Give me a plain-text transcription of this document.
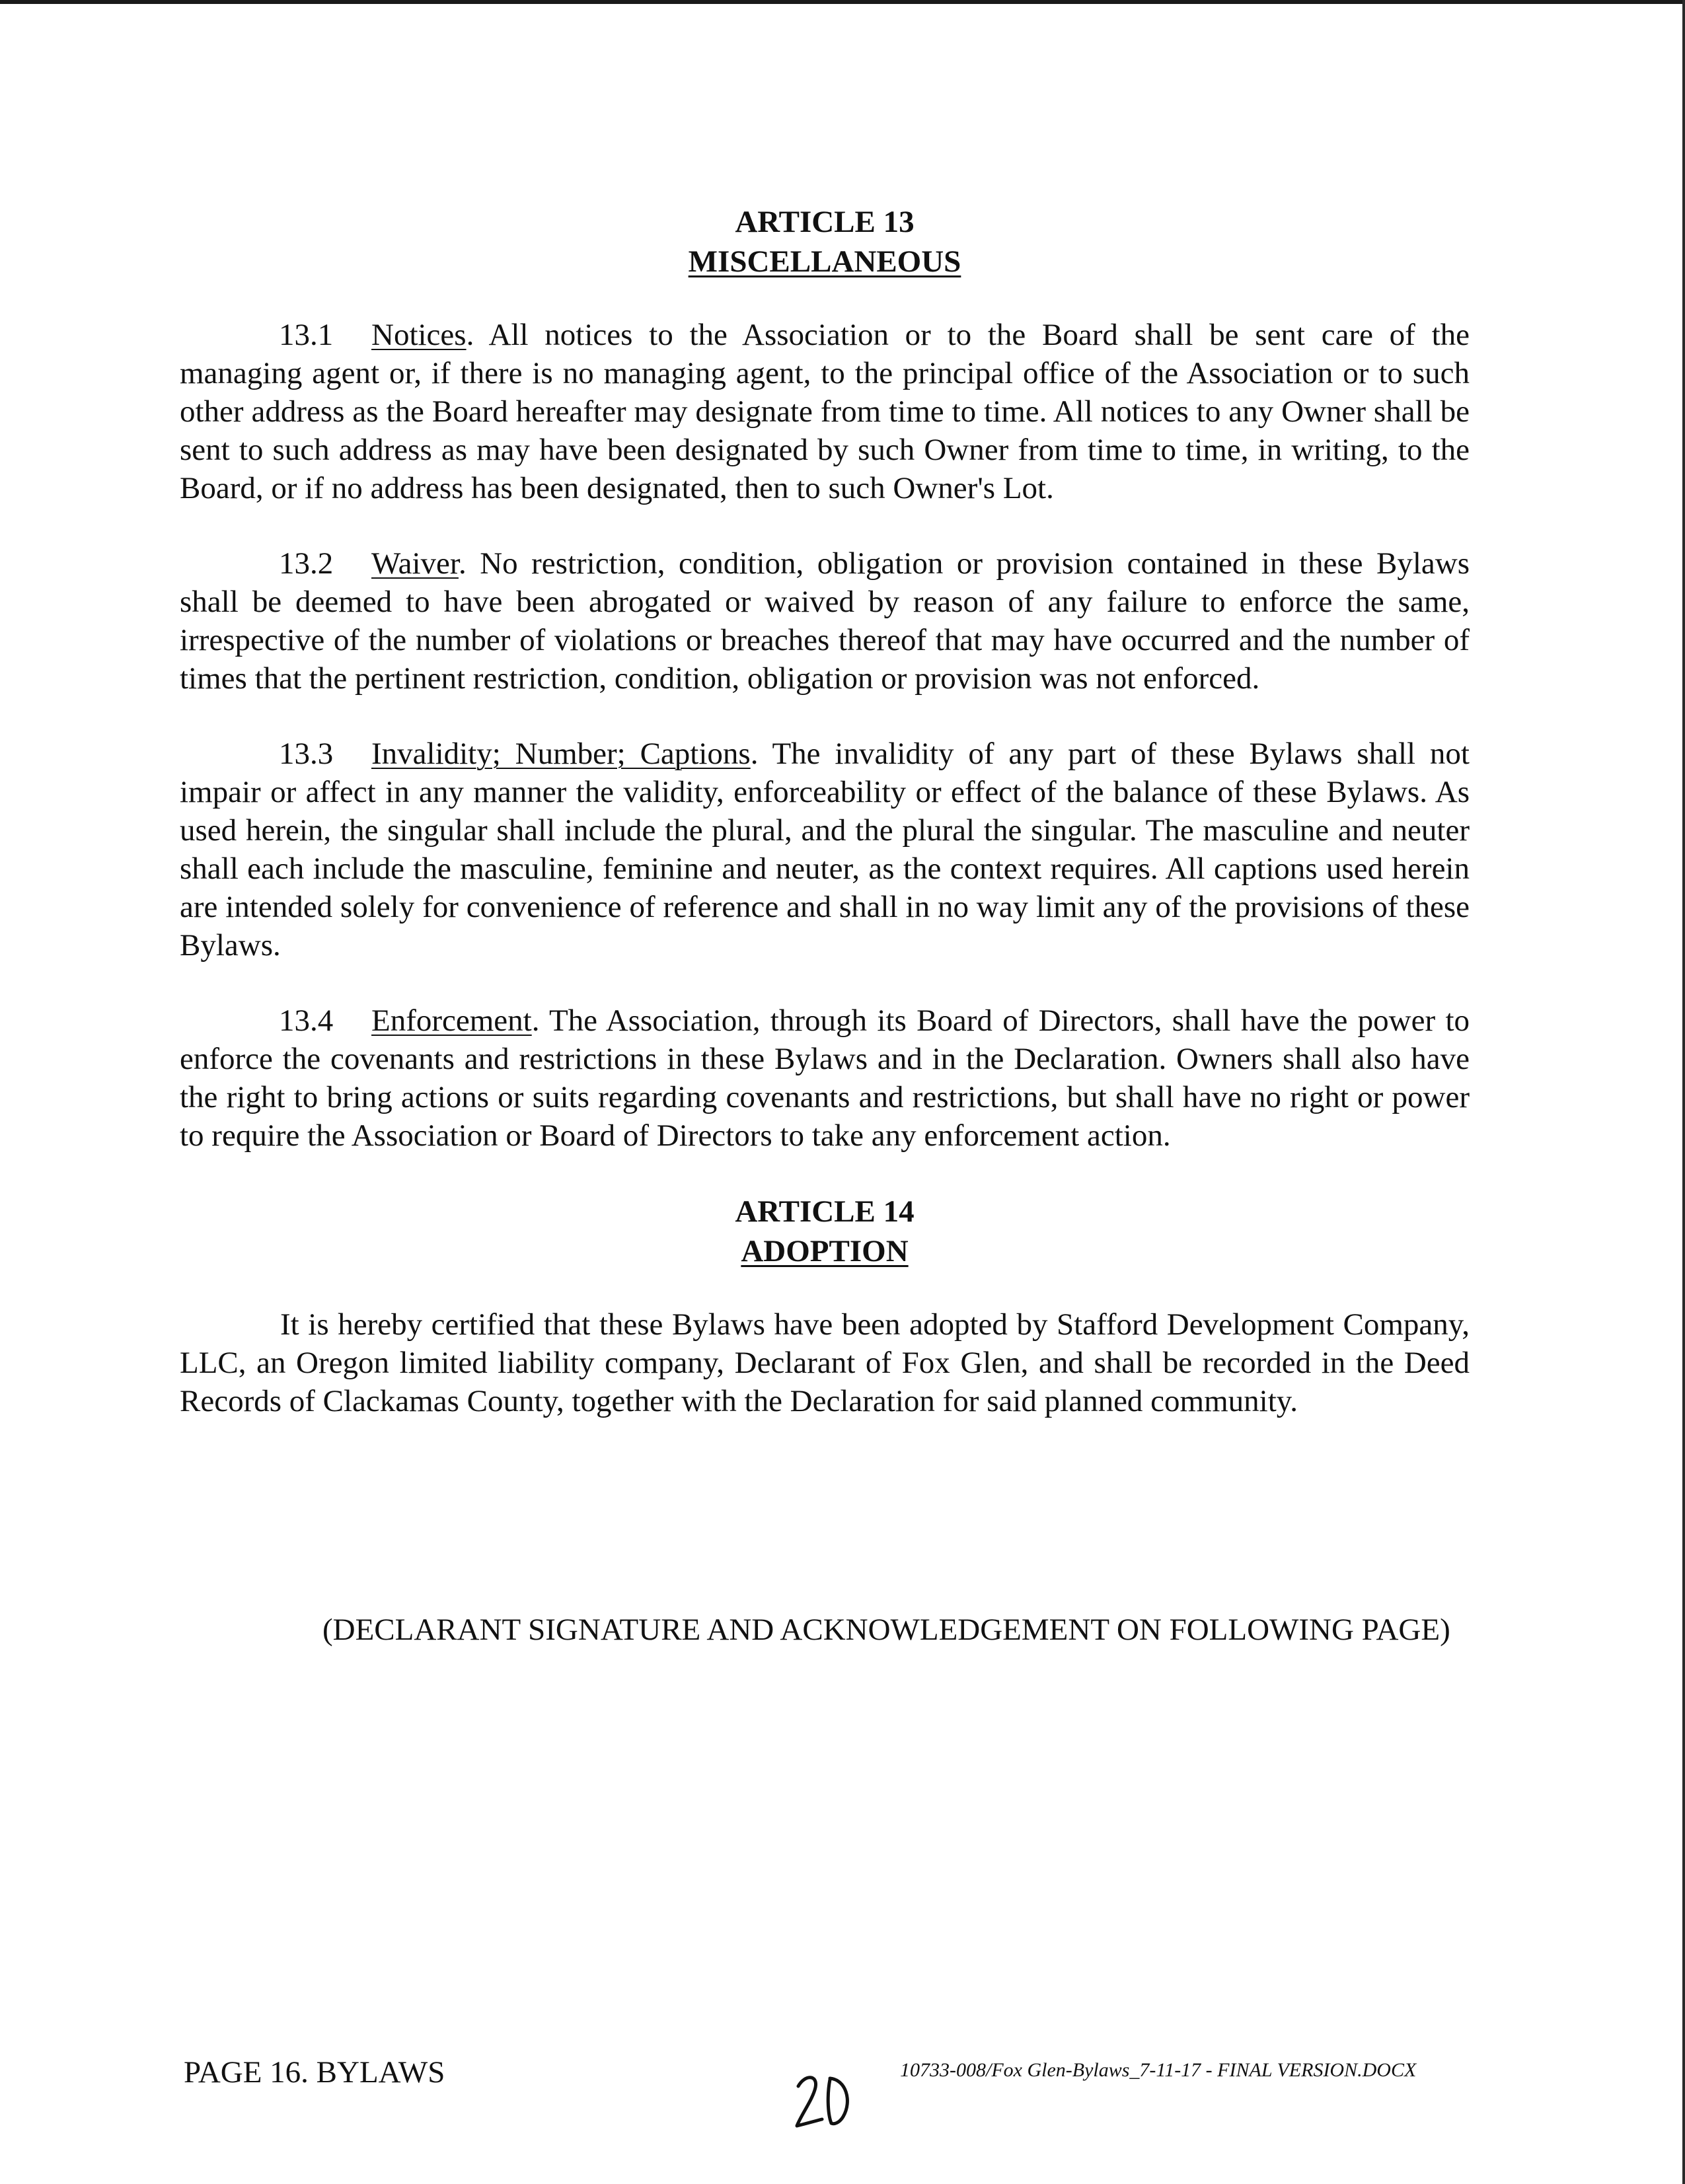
ARTICLE 13
MISCELLANEOUS

13.1 Notices. All notices to the Association or to the Board shall be sent care of the managing agent or, if there is no managing agent, to the principal office of the Association or to such other address as the Board hereafter may designate from time to time. All notices to any Owner shall be sent to such address as may have been designated by such Owner from time to time, in writing, to the Board, or if no address has been designated, then to such Owner's Lot.

13.2 Waiver. No restriction, condition, obligation or provision contained in these Bylaws shall be deemed to have been abrogated or waived by reason of any failure to enforce the same, irrespective of the number of violations or breaches thereof that may have occurred and the number of times that the pertinent restriction, condition, obligation or provision was not enforced.

13.3 Invalidity; Number; Captions. The invalidity of any part of these Bylaws shall not impair or affect in any manner the validity, enforceability or effect of the balance of these Bylaws. As used herein, the singular shall include the plural, and the plural the singular. The masculine and neuter shall each include the masculine, feminine and neuter, as the context requires. All captions used herein are intended solely for convenience of reference and shall in no way limit any of the provisions of these Bylaws.

13.4 Enforcement. The Association, through its Board of Directors, shall have the power to enforce the covenants and restrictions in these Bylaws and in the Declaration. Owners shall also have the right to bring actions or suits regarding covenants and restrictions, but shall have no right or power to require the Association or Board of Directors to take any enforcement action.

ARTICLE 14
ADOPTION

It is hereby certified that these Bylaws have been adopted by Stafford Development Company, LLC, an Oregon limited liability company, Declarant of Fox Glen, and shall be recorded in the Deed Records of Clackamas County, together with the Declaration for said planned community.

(DECLARANT SIGNATURE AND ACKNOWLEDGEMENT ON FOLLOWING PAGE)
PAGE 16. BYLAWS	10733-008/Fox Glen-Bylaws_7-11-17 - FINAL VERSION.DOCX
